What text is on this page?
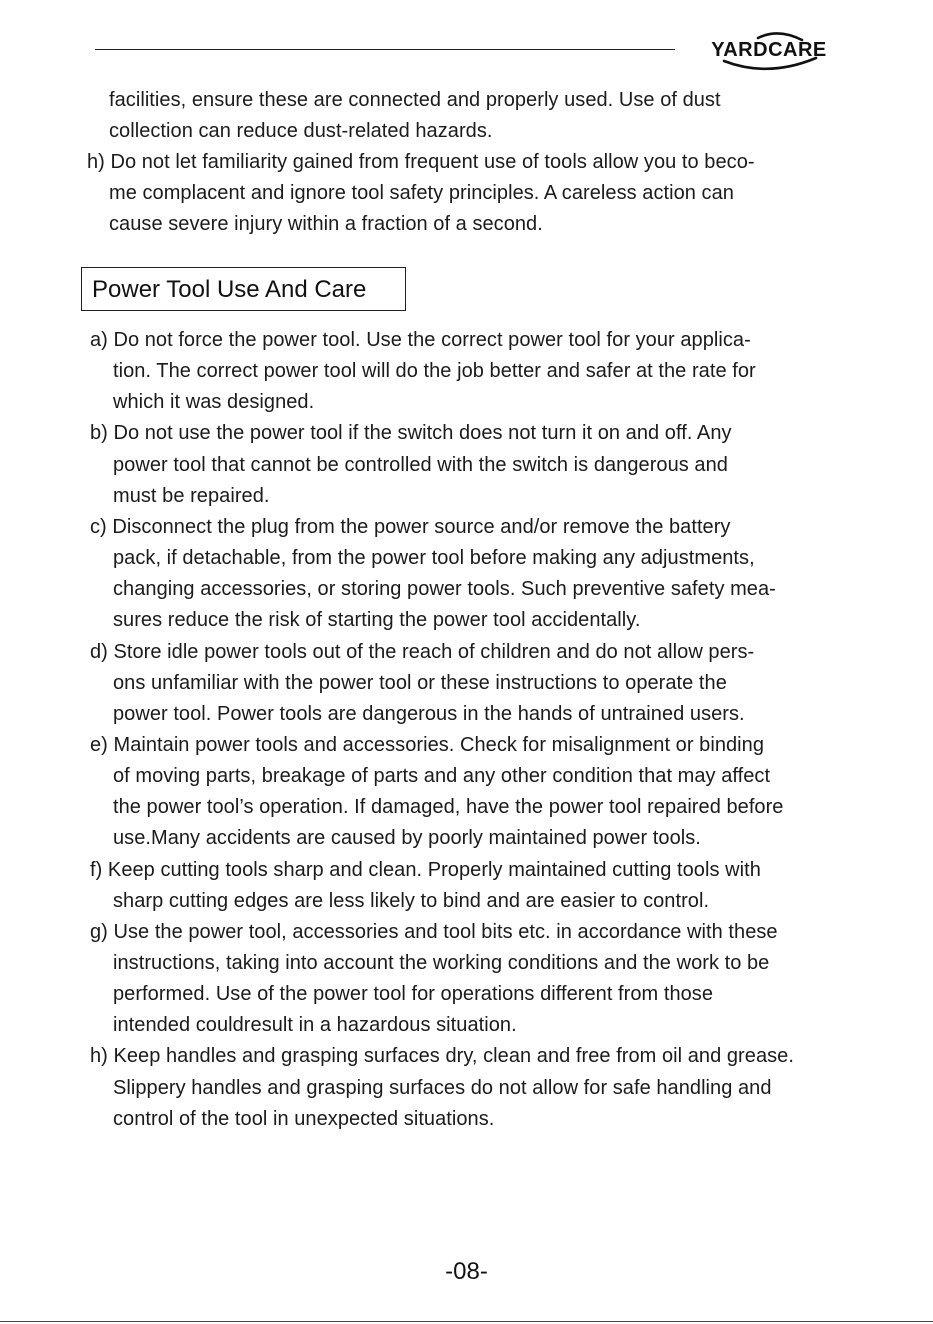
YARDCARE
facilities, ensure these are connected and properly used. Use of dust
collection can reduce dust-related hazards.
h) Do not let familiarity gained from frequent use of tools allow you to beco-
me complacent and ignore tool safety principles. A careless action can
cause severe injury within a fraction of a second.
Power Tool Use And Care
a) Do not force the power tool. Use the correct power tool for your applica-
tion. The correct power tool will do the job better and safer at the rate for
which it was designed.
b) Do not use the power tool if the switch does not turn it on and off. Any
power tool that cannot be controlled with the switch is dangerous and
must be repaired.
c) Disconnect the plug from the power source and/or remove the battery
pack, if detachable, from the power tool before making any adjustments,
changing accessories, or storing power tools. Such preventive safety mea-
sures reduce the risk of starting the power tool accidentally.
d) Store idle power tools out of the reach of children and do not allow pers-
ons unfamiliar with the power tool or these instructions to operate the
power tool. Power tools are dangerous in the hands of untrained users.
e) Maintain power tools and accessories. Check for misalignment or binding
of moving parts, breakage of parts and any other condition that may affect
the power tool’s operation. If damaged, have the power tool repaired before
use.Many accidents are caused by poorly maintained power tools.
f) Keep cutting tools sharp and clean. Properly maintained cutting tools with
sharp cutting edges are less likely to bind and are easier to control.
g) Use the power tool, accessories and tool bits etc. in accordance with these
instructions, taking into account the working conditions and the work to be
performed. Use of the power tool for operations different from those
intended couldresult in a hazardous situation.
h) Keep handles and grasping surfaces dry, clean and free from oil and grease.
Slippery handles and grasping surfaces do not allow for safe handling and
control of the tool in unexpected situations.
-08-
